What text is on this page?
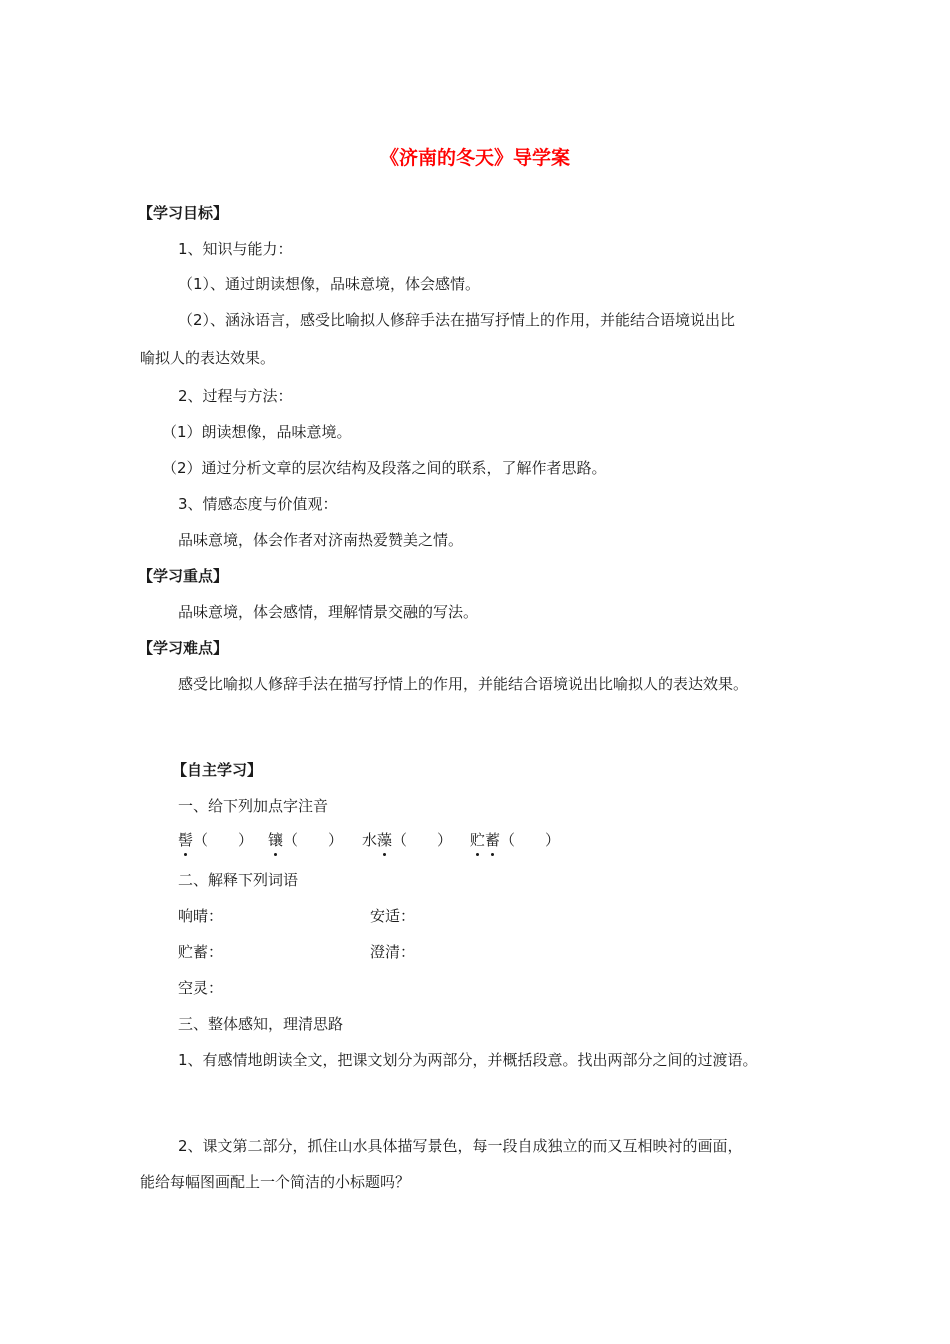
《济南的冬天》导学案
【学习目标】
1、知识与能力：
（1）、通过朗读想像，品味意境，体会感情。
（2）、涵泳语言，感受比喻拟人修辞手法在描写抒情上的作用，并能结合语境说出比
喻拟人的表达效果。
2、过程与方法：
（1）朗读想像，品味意境。
（2）通过分析文章的层次结构及段落之间的联系，了解作者思路。
3、情感态度与价值观：
品味意境，体会作者对济南热爱赞美之情。
【学习重点】
品味意境，体会感情，理解情景交融的写法。
【学习难点】
感受比喻拟人修辞手法在描写抒情上的作用，并能结合语境说出比喻拟人的表达效果。
【自主学习】
一、给下列加点字注音
髻（　　） 镶（　　） 水藻（　　） 贮蓄（　　）
二、解释下列词语
响晴：	安适：
贮蓄：	澄清：
空灵：
三、整体感知，理清思路
1、有感情地朗读全文，把课文划分为两部分，并概括段意。找出两部分之间的过渡语。
2、课文第二部分，抓住山水具体描写景色，每一段自成独立的而又互相映衬的画面，
能给每幅图画配上一个简洁的小标题吗？
